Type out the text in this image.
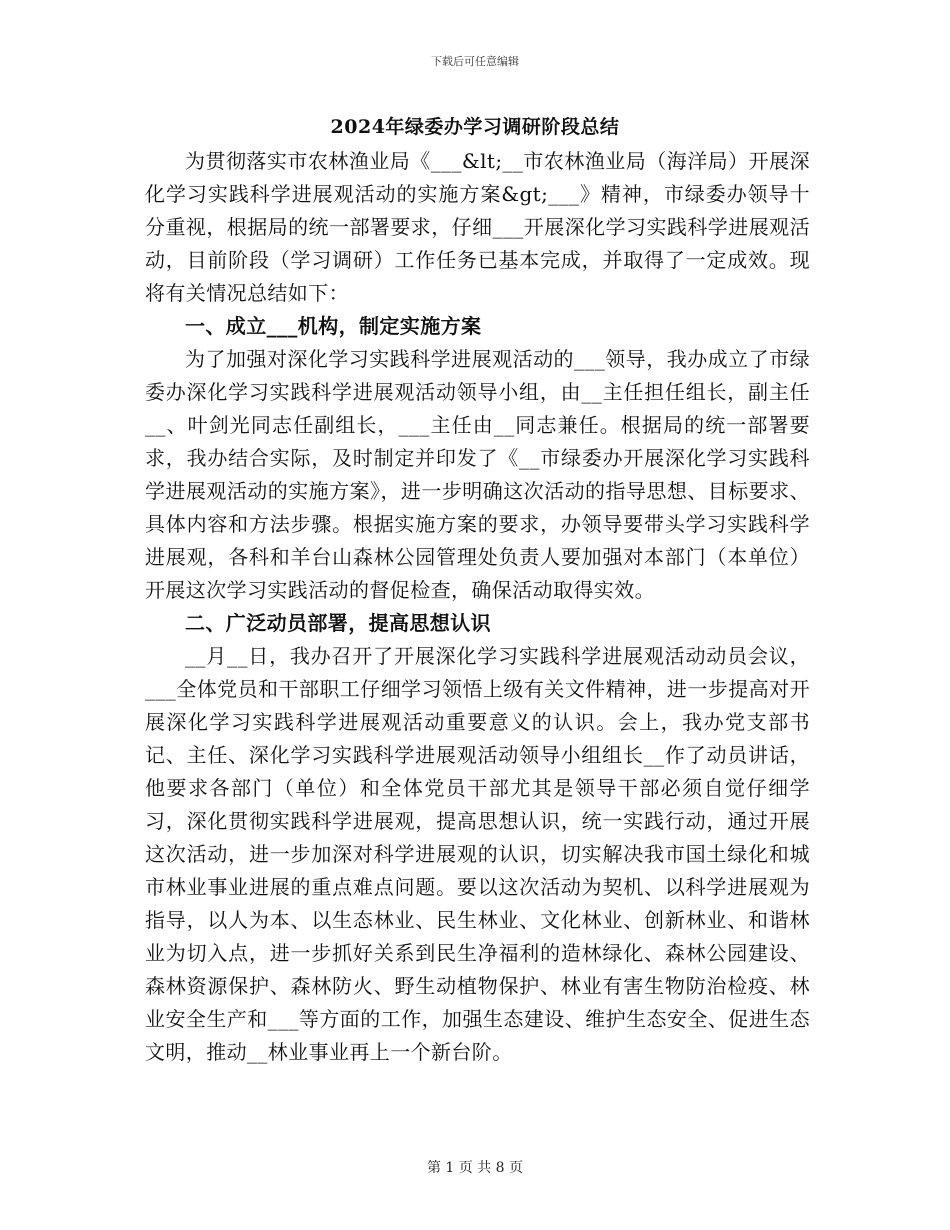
下载后可任意编辑
2024年绿委办学习调研阶段总结

为贯彻落实市农林渔业局《___&lt;__市农林渔业局（海洋局）开展深化学习实践科学进展观活动的实施方案&gt;___》精神，市绿委办领导十分重视，根据局的统一部署要求，仔细___开展深化学习实践科学进展观活动，目前阶段（学习调研）工作任务已基本完成，并取得了一定成效。现将有关情况总结如下：

一、成立___机构，制定实施方案

为了加强对深化学习实践科学进展观活动的___领导，我办成立了市绿委办深化学习实践科学进展观活动领导小组，由__主任担任组长，副主任__、叶剑光同志任副组长，___主任由__同志兼任。根据局的统一部署要求，我办结合实际，及时制定并印发了《__市绿委办开展深化学习实践科学进展观活动的实施方案》，进一步明确这次活动的指导思想、目标要求、具体内容和方法步骤。根据实施方案的要求，办领导要带头学习实践科学进展观，各科和羊台山森林公园管理处负责人要加强对本部门（本单位）开展这次学习实践活动的督促检查，确保活动取得实效。

二、广泛动员部署，提高思想认识

__月__日，我办召开了开展深化学习实践科学进展观活动动员会议，___全体党员和干部职工仔细学习领悟上级有关文件精神，进一步提高对开展深化学习实践科学进展观活动重要意义的认识。会上，我办党支部书记、主任、深化学习实践科学进展观活动领导小组组长__作了动员讲话，他要求各部门（单位）和全体党员干部尤其是领导干部必须自觉仔细学习，深化贯彻实践科学进展观，提高思想认识，统一实践行动，通过开展这次活动，进一步加深对科学进展观的认识，切实解决我市国土绿化和城市林业事业进展的重点难点问题。要以这次活动为契机、以科学进展观为指导，以人为本、以生态林业、民生林业、文化林业、创新林业、和谐林业为切入点，进一步抓好关系到民生净福利的造林绿化、森林公园建设、森林资源保护、森林防火、野生动植物保护、林业有害生物防治检疫、林业安全生产和___等方面的工作，加强生态建设、维护生态安全、促进生态文明，推动__林业事业再上一个新台阶。

第 1 页 共 8 页
